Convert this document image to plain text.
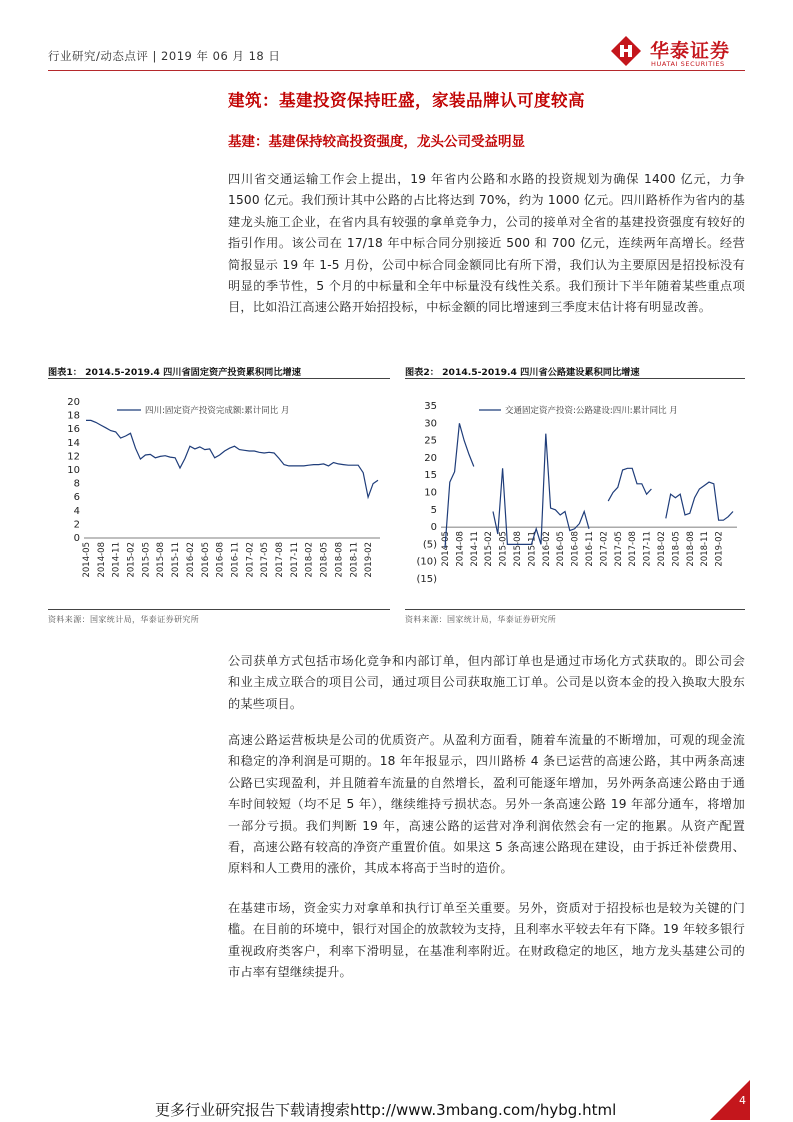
行业研究/动态点评 | 2019 年 06 月 18 日	华泰证券
HUATAI SECURITIES
建筑：基建投资保持旺盛，家装品牌认可度较高
基建：基建保持较高投资强度，龙头公司受益明显
四川省交通运输工作会上提出，19 年省内公路和水路的投资规划为确保 1400 亿元，力争 1500 亿元。我们预计其中公路的占比将达到 70%，约为 1000 亿元。四川路桥作为省内的基建龙头施工企业，在省内具有较强的拿单竞争力，公司的接单对全省的基建投资强度有较好的指引作用。该公司在 17/18 年中标合同分别接近 500 和 700 亿元，连续两年高增长。经营简报显示 19 年 1-5 月份，公司中标合同金额同比有所下滑，我们认为主要原因是招投标没有明显的季节性，5 个月的中标量和全年中标量没有线性关系。我们预计下半年随着某些重点项目，比如沿江高速公路开始招投标，中标金额的同比增速到三季度末估计将有明显改善。
图表1： 2014.5-2019.4 四川省固定资产投资累积同比增速
0
2
4
6
8
10
12
14
16
18
20
2014-05 2014-08 2014-11 2015-02 2015-05 2015-08 2015-11 2016-02 2016-05 2016-08 2016-11 2017-02 2017-05 2017-08 2017-11 2018-02 2018-05 2018-08 2018-11 2019-02
四川:固定资产投资完成额:累计同比 月
资料来源：国家统计局，华泰证券研究所
图表2： 2014.5-2019.4 四川省公路建设累积同比增速
(15)
(10)
(5)
0
5
10
15
20
25
30
35
2014-05 2014-08 2014-11 2015-02 2015-05 2015-08 2015-11 2016-02 2016-05 2016-08 2016-11 2017-02 2017-05 2017-08 2017-11 2018-02 2018-05 2018-08 2018-11 2019-02
交通固定资产投资:公路建设:四川:累计同比 月
资料来源：国家统计局，华泰证券研究所
公司获单方式包括市场化竞争和内部订单，但内部订单也是通过市场化方式获取的。即公司会和业主成立联合的项目公司，通过项目公司获取施工订单。公司是以资本金的投入换取大股东的某些项目。
高速公路运营板块是公司的优质资产。从盈利方面看，随着车流量的不断增加，可观的现金流和稳定的净利润是可期的。18 年年报显示，四川路桥 4 条已运营的高速公路，其中两条高速公路已实现盈利，并且随着车流量的自然增长，盈利可能逐年增加，另外两条高速公路由于通车时间较短（均不足 5 年），继续维持亏损状态。另外一条高速公路 19 年部分通车，将增加一部分亏损。我们判断 19 年，高速公路的运营对净利润依然会有一定的拖累。从资产配置看，高速公路有较高的净资产重置价值。如果这 5 条高速公路现在建设，由于拆迁补偿费用、原料和人工费用的涨价，其成本将高于当时的造价。
在基建市场，资金实力对拿单和执行订单至关重要。另外，资质对于招投标也是较为关键的门槛。在目前的环境中，银行对国企的放款较为支持，且利率水平较去年有下降。19 年较多银行重视政府类客户，利率下滑明显，在基准利率附近。在财政稳定的地区，地方龙头基建公司的市占率有望继续提升。
更多行业研究报告下载请搜索http://www.3mbang.com/hybg.html
4
